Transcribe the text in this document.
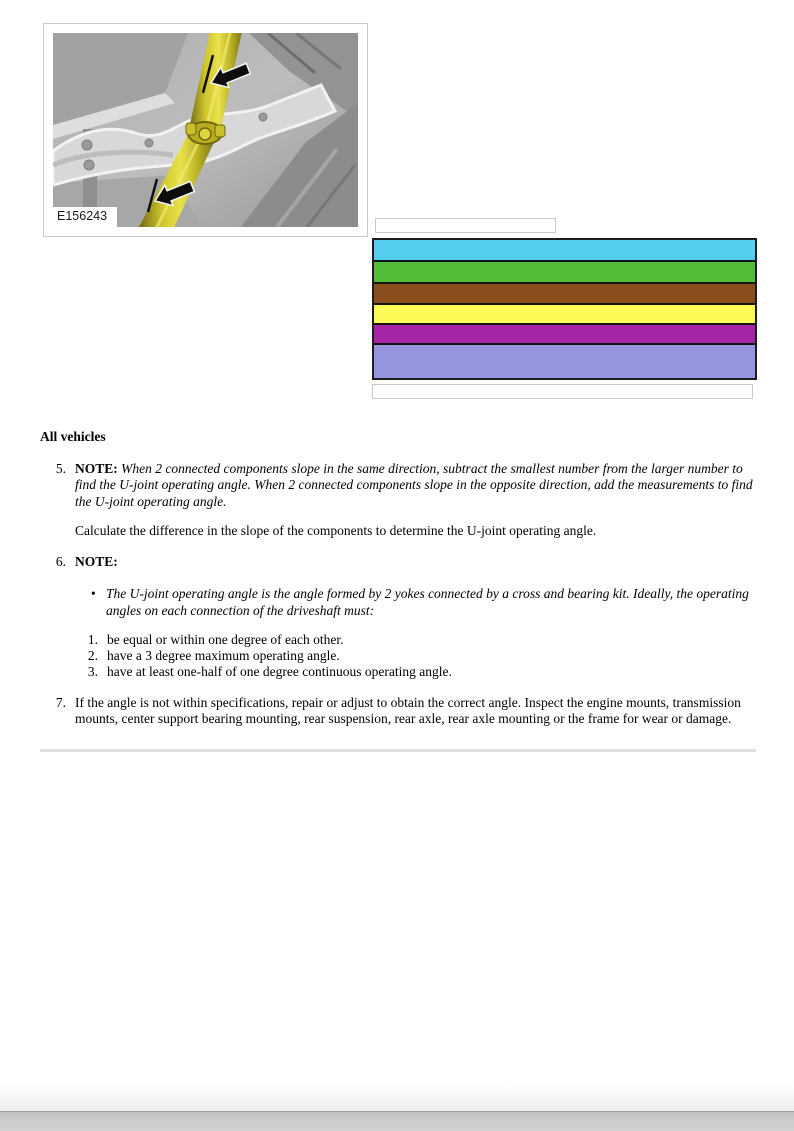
E156243
All vehicles
5. NOTE: When 2 connected components slope in the same direction, subtract the smallest number from the larger number to find the U-joint operating angle. When 2 connected components slope in the opposite direction, add the measurements to find the U-joint operating angle.

Calculate the difference in the slope of the components to determine the U-joint operating angle.

6. NOTE:

• The U-joint operating angle is the angle formed by 2 yokes connected by a cross and bearing kit. Ideally, the operating angles on each connection of the driveshaft must:
1. be equal or within one degree of each other.
2. have a 3 degree maximum operating angle.
3. have at least one-half of one degree continuous operating angle.
7. If the angle is not within specifications, repair or adjust to obtain the correct angle. Inspect the engine mounts, transmission mounts, center support bearing mounting, rear suspension, rear axle, rear axle mounting or the frame for wear or damage.
